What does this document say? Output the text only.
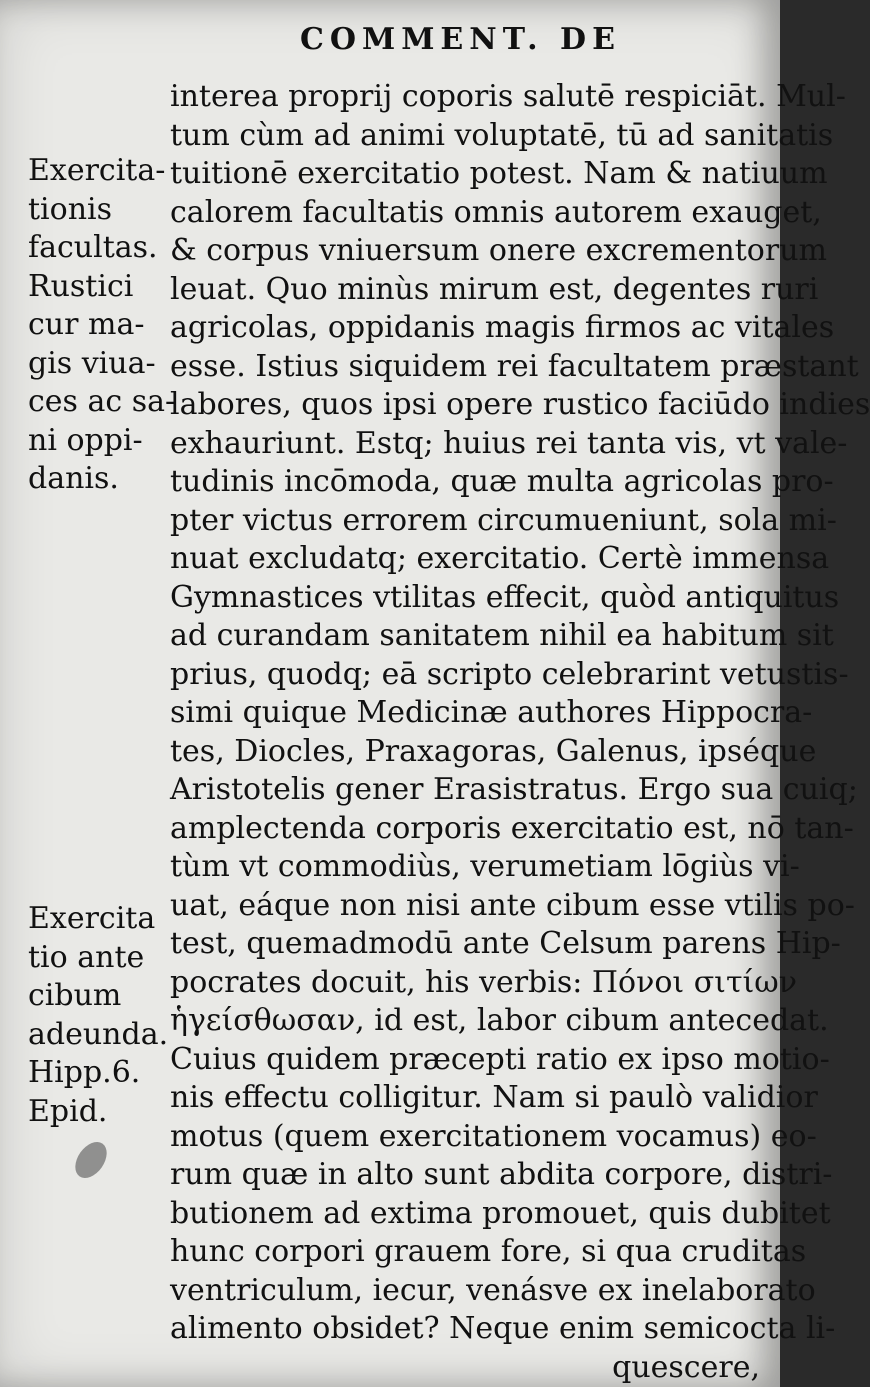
COMMENT. DE
Exercita-
tionis
facultas.
Rustici
cur ma-
gis viua-
ces ac sa-
ni oppi-
danis.
Exercita
tio ante
cibum
adeunda.
Hipp.6.
Epid.
interea proprij coporis salutē respiciāt. Mul-
tum cùm ad animi voluptatē, tū ad sanitatis
tuitionē exercitatio potest. Nam & natiuum
calorem facultatis omnis autorem exauget,
& corpus vniuersum onere excrementorum
leuat. Quo minùs mirum est, degentes ruri
agricolas, oppidanis magis firmos ac vitales
esse. Istius siquidem rei facultatem præstant
labores, quos ipsi opere rustico faciūdo indies
exhauriunt. Estq; huius rei tanta vis, vt vale-
tudinis incōmoda, quæ multa agricolas pro-
pter victus errorem circumueniunt, sola mi-
nuat excludatq; exercitatio. Certè immensa
Gymnastices vtilitas effecit, quòd antiquitus
ad curandam sanitatem nihil ea habitum sit
prius, quodq; eā scripto celebrarint vetustis-
simi quique Medicinæ authores Hippocra-
tes, Diocles, Praxagoras, Galenus, ipséque
Aristotelis gener Erasistratus. Ergo sua cuiq;
amplectenda corporis exercitatio est, nō tan-
tùm vt commodiùs, verumetiam lōgiùs vi-
uat, eáque non nisi ante cibum esse vtilis po-
test, quemadmodū ante Celsum parens Hip-
pocrates docuit, his verbis: Πόνοι σιτίων
ἡγείσθωσαν, id est, labor cibum antecedat.
Cuius quidem præcepti ratio ex ipso motio-
nis effectu colligitur. Nam si paulò validior
motus (quem exercitationem vocamus) eo-
rum quæ in alto sunt abdita corpore, distri-
butionem ad extima promouet, quis dubitet
hunc corpori grauem fore, si qua cruditas
ventriculum, iecur, venásve ex inelaborato
alimento obsidet? Neque enim semicocta li-
quescere,
